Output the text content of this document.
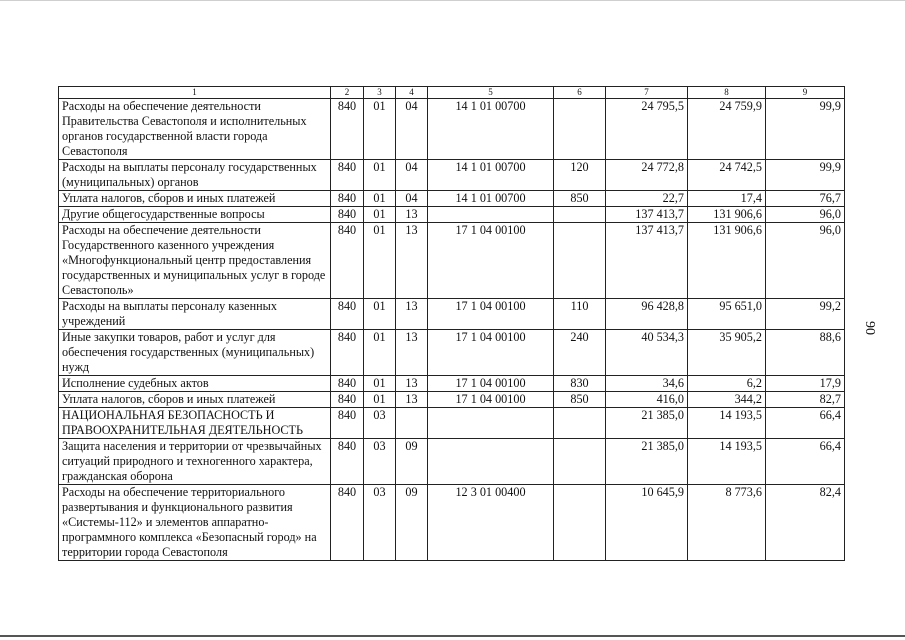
1	2	3	4	5	6	7	8	9
Расходы на обеспечение деятельности Правительства Севастополя и исполнительных органов государственной власти города Севастополя	840	01	04	14 1 01 00700		24 795,5	24 759,9	99,9
Расходы на выплаты персоналу государственных (муниципальных) органов	840	01	04	14 1 01 00700	120	24 772,8	24 742,5	99,9
Уплата налогов, сборов и иных платежей	840	01	04	14 1 01 00700	850	22,7	17,4	76,7
Другие общегосударственные вопросы	840	01	13			137 413,7	131 906,6	96,0
Расходы на обеспечение деятельности Государственного казенного учреждения «Многофункциональный центр предоставления государственных и муниципальных услуг в городе Севастополь»	840	01	13	17 1 04 00100		137 413,7	131 906,6	96,0
Расходы на выплаты персоналу казенных учреждений	840	01	13	17 1 04 00100	110	96 428,8	95 651,0	99,2
Иные закупки товаров, работ и услуг для обеспечения государственных (муниципальных) нужд	840	01	13	17 1 04 00100	240	40 534,3	35 905,2	88,6
Исполнение судебных актов	840	01	13	17 1 04 00100	830	34,6	6,2	17,9
Уплата налогов, сборов и иных платежей	840	01	13	17 1 04 00100	850	416,0	344,2	82,7
НАЦИОНАЛЬНАЯ БЕЗОПАСНОСТЬ И ПРАВООХРАНИТЕЛЬНАЯ ДЕЯТЕЛЬНОСТЬ	840	03				21 385,0	14 193,5	66,4
Защита населения и территории от чрезвычайных ситуаций природного и техногенного характера, гражданская оборона	840	03	09			21 385,0	14 193,5	66,4
Расходы на обеспечение территориального развертывания и функционального развития «Системы-112» и элементов аппаратно-программного комплекса «Безопасный город» на территории города Севастополя	840	03	09	12 3 01 00400		10 645,9	8 773,6	82,4
90
